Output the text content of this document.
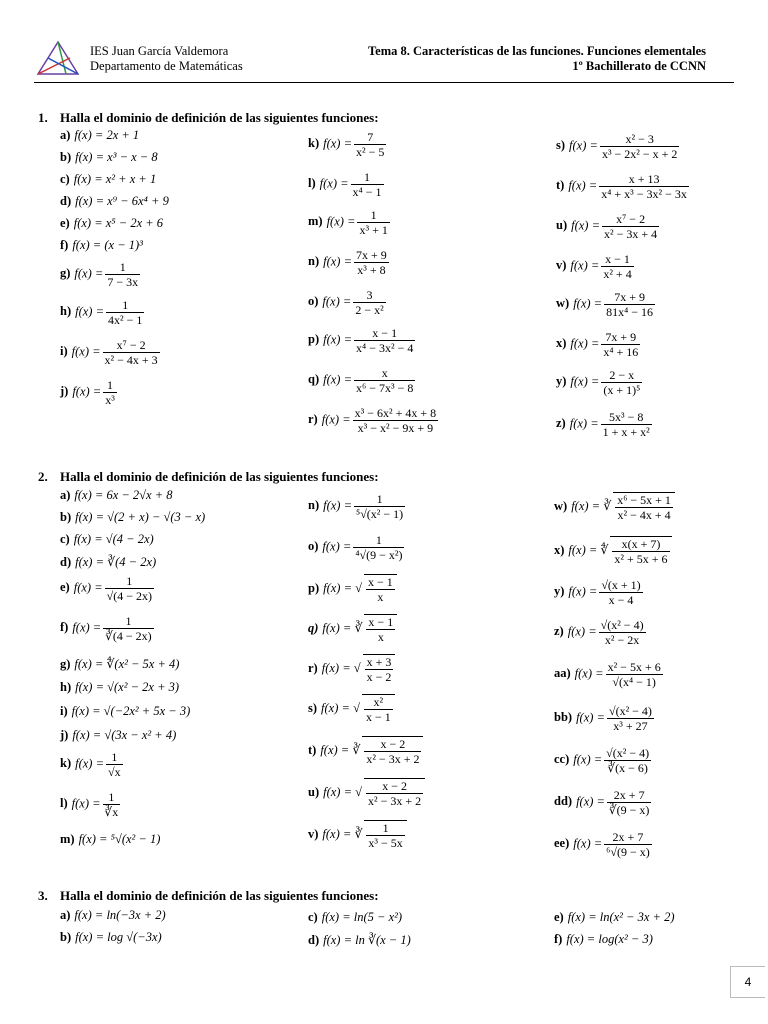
IES Juan García Valdemora
Departamento de Matemáticas
Tema 8. Características de las funciones. Funciones elementales
1º Bachillerato de CCNN
1. Halla el dominio de definición de las siguientes funciones:
a) f(x) = 2x + 1
b) f(x) = x³ − x − 8
c) f(x) = x² + x + 1
d) f(x) = x⁹ − 6x⁴ + 9
e) f(x) = x⁵ − 2x + 6
f) f(x) = (x − 1)³
g) $f(x) = \frac{1}{7 - 3x}$
h) $f(x) = \frac{1}{\text{4x² − 1}}$
i) $f(x) = \frac{\text{x⁷ − 2}}{\text{x² − 4x + 3}}$
j) $f(x) = \frac{1}{\text{x³}}$
k) $f(x) = \frac{7}{\text{x² − 5}}$
l) $f(x) = \frac{1}{\text{x⁴ − 1}}$
m) $f(x) = \frac{1}{\text{x³ + 1}}$
n) $f(x) = \frac{7x + 9}{\text{x³ + 8}}$
o) $f(x) = \frac{3}{\text{2 − x²}}$
p) $f(x) = \frac{x - 1}{\text{x⁴ − 3x² − 4}}$
q) $f(x) = \frac{x}{\text{x⁶ − 7x³ − 8}}$
r) $f(x) = \frac{\text{x³ − 6x² + 4x + 8}}{\text{x³ − x² − 9x + 9}}$
s) $f(x) = \frac{\text{x² − 3}}{\text{x³ − 2x² − x + 2}}$
t) $f(x) = \frac{x + 13}{\text{x⁴ + x³ − 3x² − 3x}}$
u) $f(x) = \frac{\text{x⁷ − 2}}{\text{x² − 3x + 4}}$
v) $f(x) = \frac{x - 1}{\text{x² + 4}}$
w) $f(x) = \frac{7x + 9}{\text{81x⁴ − 16}}$
x) $f(x) = \frac{7x + 9}{\text{x⁴ + 16}}$
y) $f(x) = \frac{2 - x}{\text{(x + 1)⁵}}$
z) $f(x) = \frac{\text{5x³ − 8}}{\text{1 + x + x²}}$
2. Halla el dominio de definición de las siguientes funciones:
a) f(x) = 6x − 2√x + 8
b) f(x) = √(2 + x) − √(3 − x)
c) f(x) = √(4 − 2x)
d) f(x) = ∛(4 − 2x)
e) $f(x) = \frac{1}{√(4 - 2x)}$
f) $f(x) = \frac{1}{∛(4 - 2x)}$
g) f(x) = ∜(x² − 5x + 4)
h) f(x) = √(x² − 2x + 3)
i) f(x) = √(−2x² + 5x − 3)
j) f(x) = √(3x − x² + 4)
k) $f(x) = \frac{1}{√x}$
l) $f(x) = \frac{1}{∛x}$
m) f(x) = ⁵√(x² − 1)
n) $f(x) = \frac{1}{\text{⁵√(x² − 1)}}$
o) $f(x) = \frac{1}{\text{⁴√(9 − x²)}}$
p) f(x) = √ $\frac{x - 1}{x}$
q) f(x) = ∛ $\frac{x - 1}{x}$
r) f(x) = √ $\frac{x + 3}{x - 2}$
s) f(x) = √ $\frac{\text{x²}}{x - 1}$
t) f(x) = ∛ $\frac{x - 2}{\text{x² − 3x + 2}}$
u) f(x) = √ $\frac{x - 2}{\text{x² − 3x + 2}}$
v) f(x) = ∛ $\frac{1}{\text{x³ − 5x}}$
w) f(x) = ∛ $\frac{\text{x⁶ − 5x + 1}}{\text{x² − 4x + 4}}$
x) f(x) = ∜ $\frac{x(x + 7)}{\text{x² + 5x + 6}}$
y) $f(x) = \frac{√(x + 1)}{x - 4}$
z) $f(x) = \frac{\text{√(x² − 4)}}{\text{x² − 2x}}$
aa) $f(x) = \frac{\text{x² − 5x + 6}}{\text{√(x⁴ − 1)}}$
bb) $f(x) = \frac{\text{√(x² − 4)}}{\text{x³ + 27}}$
cc) $f(x) = \frac{\text{√(x² − 4)}}{∛(x - 6)}$
dd) $f(x) = \frac{2x + 7}{∛(9 - x)}$
ee) $f(x) = \frac{2x + 7}{\text{⁶√(9 − x)}}$
3. Halla el dominio de definición de las siguientes funciones:
a) f(x) = ln(−3x + 2)
b) f(x) = log √(−3x)
c) f(x) = ln(5 − x²)
d) f(x) = ln ∛(x − 1)
e) f(x) = ln(x² − 3x + 2)
f) f(x) = log(x² − 3)
4
